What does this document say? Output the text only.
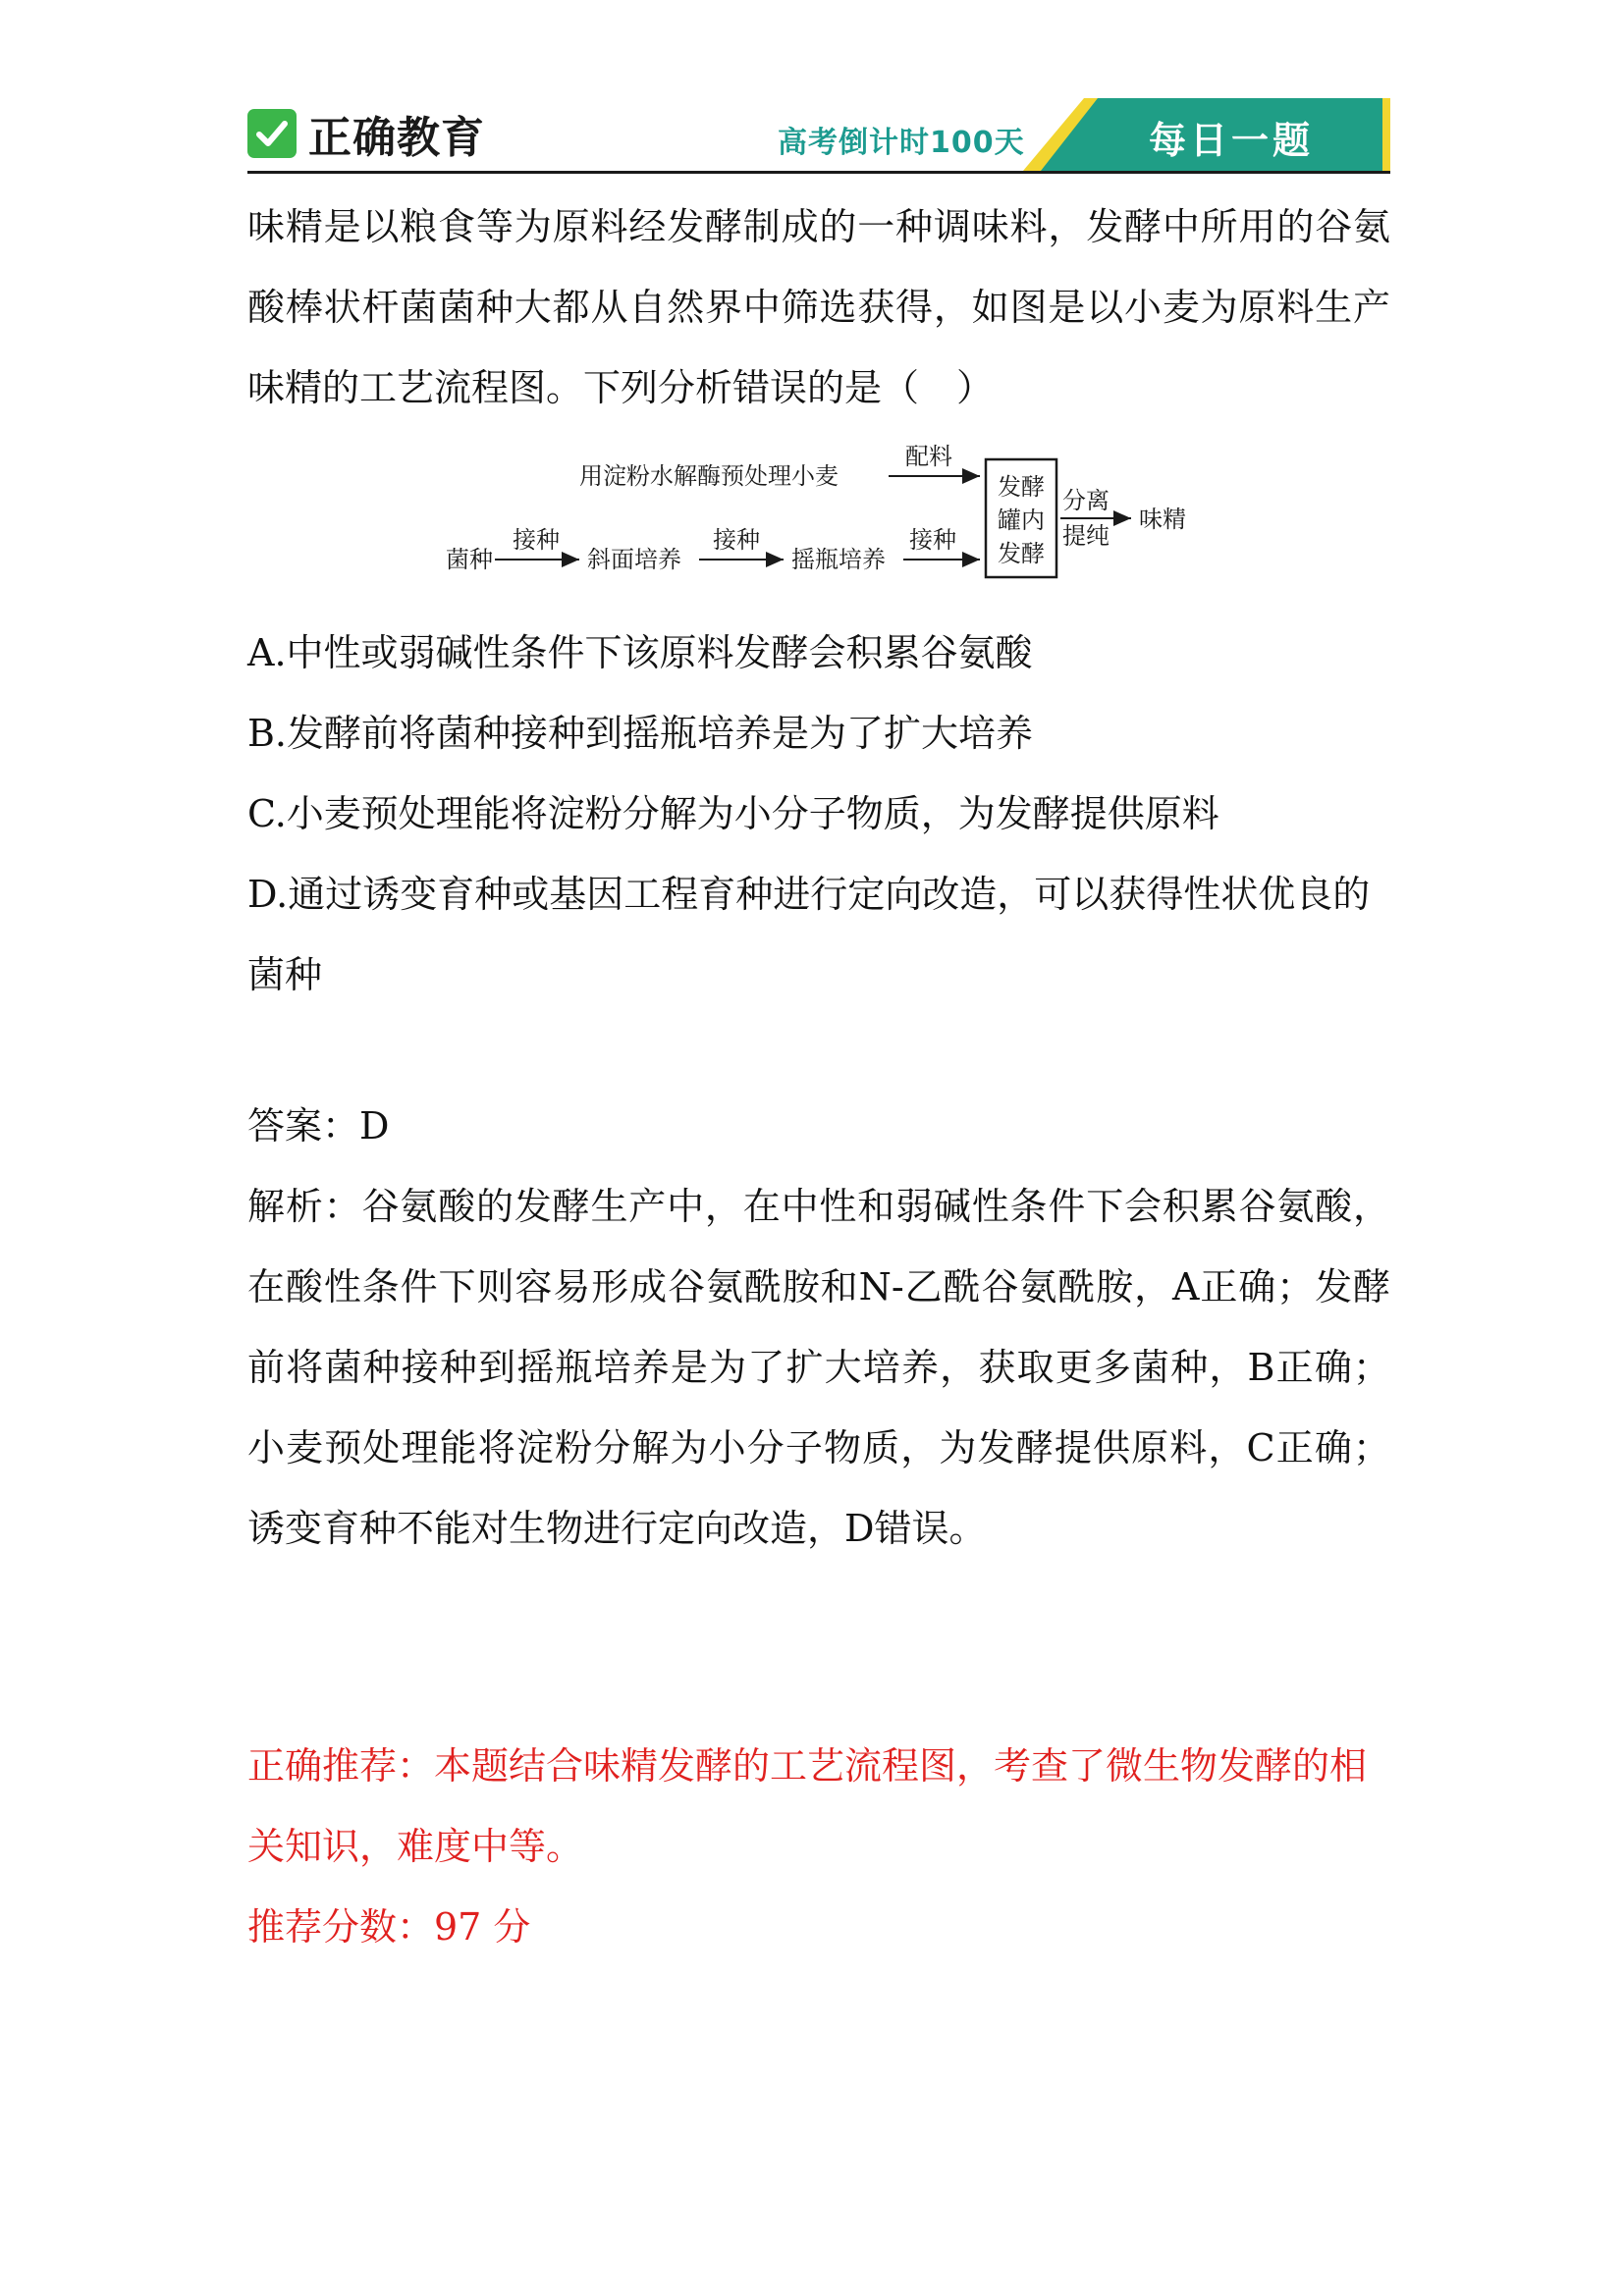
正确教育	高考倒计时100天	每日一题

味精是以粮食等为原料经发酵制成的一种调味料，发酵中所用的谷氨酸棒状杆菌菌种大都从自然界中筛选获得，如图是以小麦为原料生产味精的工艺流程图。下列分析错误的是（　）

用淀粉水解酶预处理小麦
配料
菌种
接种
斜面培养
接种
摇瓶培养
接种
发酵
罐内
发酵
分离
提纯
味精
A.中性或弱碱性条件下该原料发酵会积累谷氨酸
B.发酵前将菌种接种到摇瓶培养是为了扩大培养
C.小麦预处理能将淀粉分解为小分子物质，为发酵提供原料
D.通过诱变育种或基因工程育种进行定向改造，可以获得性状优良的菌种

答案：D

解析：谷氨酸的发酵生产中，在中性和弱碱性条件下会积累谷氨酸，在酸性条件下则容易形成谷氨酰胺和N-乙酰谷氨酰胺，A正确；发酵前将菌种接种到摇瓶培养是为了扩大培养，获取更多菌种，B正确；小麦预处理能将淀粉分解为小分子物质，为发酵提供原料，C正确；诱变育种不能对生物进行定向改造，D错误。

正确推荐：本题结合味精发酵的工艺流程图，考查了微生物发酵的相关知识，难度中等。

推荐分数：97 分
